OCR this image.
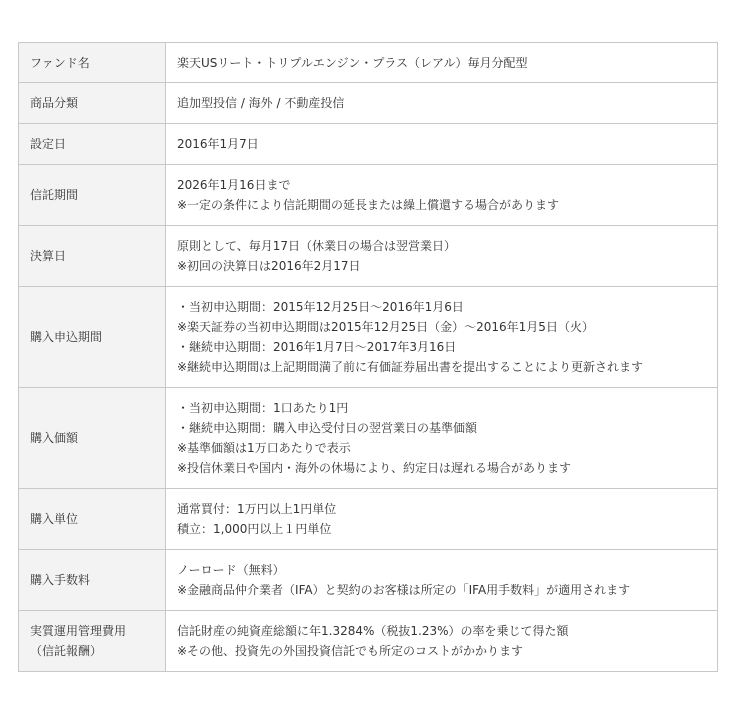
ファンド名	楽天USリート・トリプルエンジン・プラス（レアル）毎月分配型

商品分類	追加型投信 / 海外 / 不動産投信

設定日	2016年1月7日

信託期間	2026年1月16日まで
※一定の条件により信託期間の延長または繰上償還する場合があります

決算日	原則として、毎月17日（休業日の場合は翌営業日）
※初回の決算日は2016年2月17日

購入申込期間	・当初申込期間：2015年12月25日～2016年1月6日
※楽天証券の当初申込期間は2015年12月25日（金）～2016年1月5日（火）
・継続申込期間：2016年1月7日～2017年3月16日
※継続申込期間は上記期間満了前に有価証券届出書を提出することにより更新されます

購入価額	・当初申込期間：1口あたり1円
・継続申込期間：購入申込受付日の翌営業日の基準価額
※基準価額は1万口あたりで表示
※投信休業日や国内・海外の休場により、約定日は遅れる場合があります

購入単位	通常買付：1万円以上1円単位
積立：1,000円以上１円単位

購入手数料	ノーロード（無料）
※金融商品仲介業者（IFA）と契約のお客様は所定の「IFA用手数料」が適用されます

実質運用管理費用
（信託報酬）	信託財産の純資産総額に年1.3284%（税抜1.23%）の率を乗じて得た額
※その他、投資先の外国投資信託でも所定のコストがかかります
